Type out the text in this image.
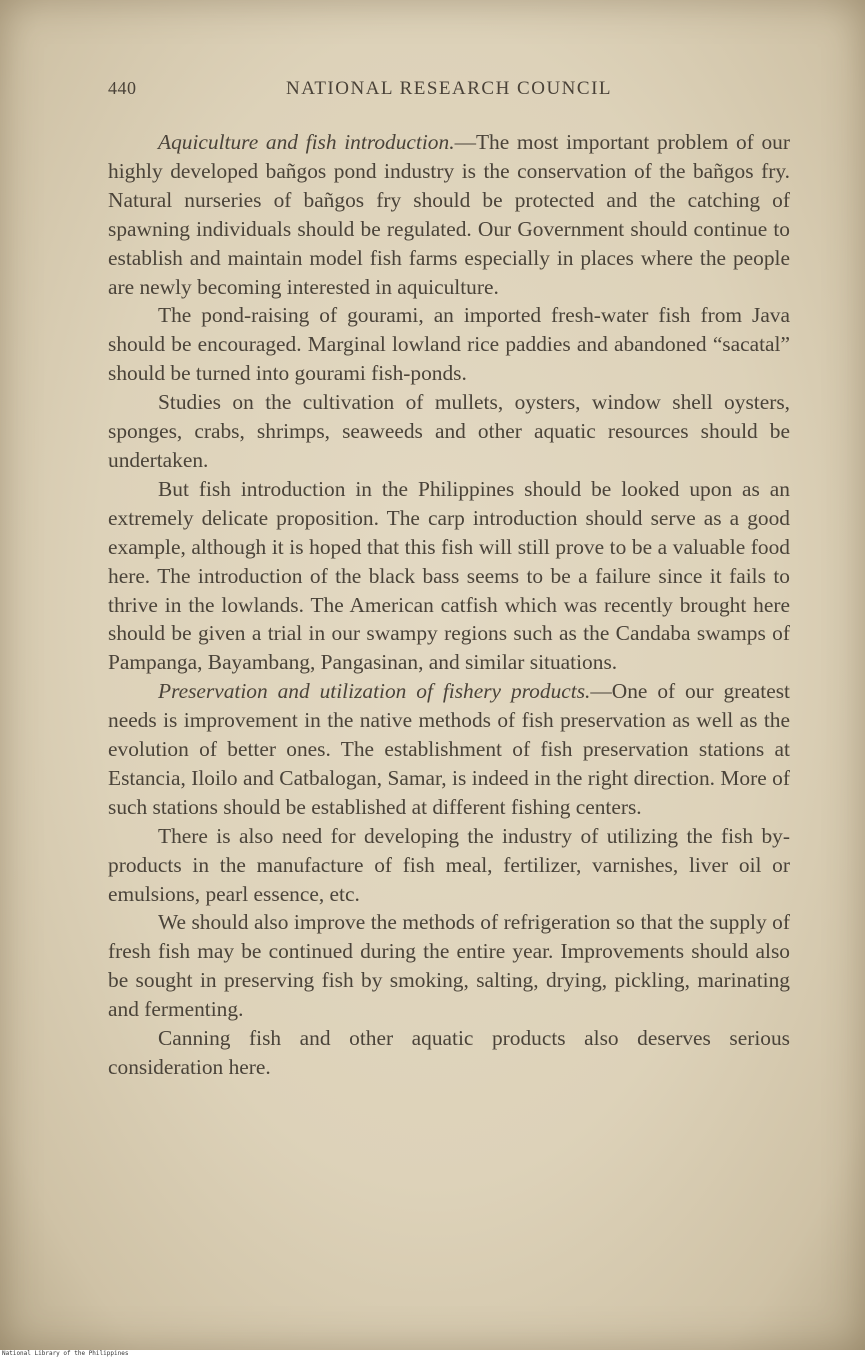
440	NATIONAL RESEARCH COUNCIL

Aquiculture and fish introduction.—The most important problem of our highly developed bañgos pond industry is the conservation of the bañgos fry. Natural nurseries of bañgos fry should be protected and the catching of spawning individuals should be regulated. Our Government should continue to establish and maintain model fish farms especially in places where the people are newly becoming interested in aquiculture.

The pond-raising of gourami, an imported fresh-water fish from Java should be encouraged. Marginal lowland rice paddies and abandoned “sacatal” should be turned into gourami fish-ponds.

Studies on the cultivation of mullets, oysters, window shell oysters, sponges, crabs, shrimps, seaweeds and other aquatic resources should be undertaken.

But fish introduction in the Philippines should be looked upon as an extremely delicate proposition. The carp introduction should serve as a good example, although it is hoped that this fish will still prove to be a valuable food here. The introduction of the black bass seems to be a failure since it fails to thrive in the lowlands. The American catfish which was recently brought here should be given a trial in our swampy regions such as the Candaba swamps of Pampanga, Bayambang, Pangasinan, and similar situations.

Preservation and utilization of fishery products.—One of our greatest needs is improvement in the native methods of fish preservation as well as the evolution of better ones. The establishment of fish preservation stations at Estancia, Iloilo and Catbalogan, Samar, is indeed in the right direction. More of such stations should be established at different fishing centers.

There is also need for developing the industry of utilizing the fish by-products in the manufacture of fish meal, fertilizer, varnishes, liver oil or emulsions, pearl essence, etc.

We should also improve the methods of refrigeration so that the supply of fresh fish may be continued during the entire year. Improvements should also be sought in preserving fish by smoking, salting, drying, pickling, marinating and fermenting.

Canning fish and other aquatic products also deserves serious consideration here.

National Library of the Philippines
